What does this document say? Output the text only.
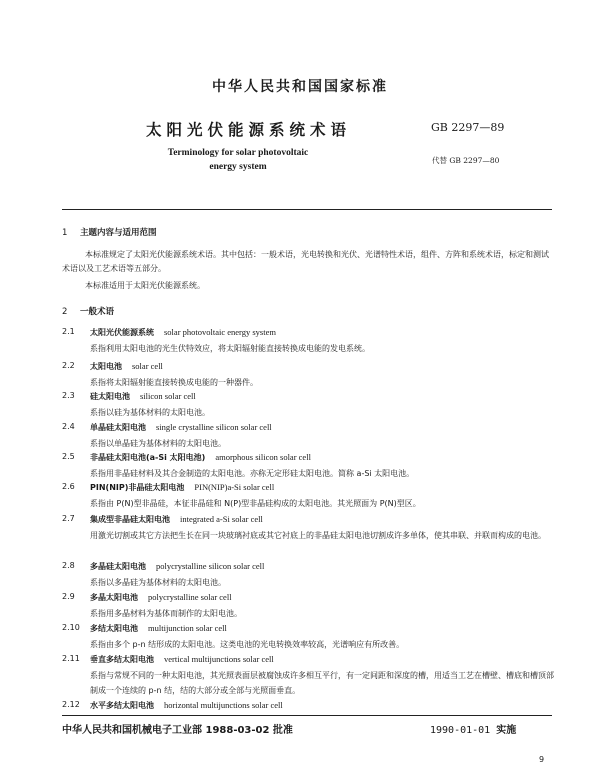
中华人民共和国国家标准
太阳光伏能源系统术语	GB 2297—89
Terminology for solar photovoltaic
energy system
代替 GB 2297—80
1 主题内容与适用范围
本标准规定了太阳光伏能源系统术语。其中包括：一般术语，光电转换和光伏、光谱特性术语，组件、方阵和系统术语，标定和测试术语以及工艺术语等五部分。
本标准适用于太阳光伏能源系统。
2 一般术语
2.1 太阳光伏能源系统 solar photovoltaic energy system
系指利用太阳电池的光生伏特效应，将太阳辐射能直接转换成电能的发电系统。
2.2 太阳电池 solar cell
系指将太阳辐射能直接转换成电能的一种器件。
2.3 硅太阳电池 silicon solar cell
系指以硅为基体材料的太阳电池。
2.4 单晶硅太阳电池 single crystalline silicon solar cell
系指以单晶硅为基体材料的太阳电池。
2.5 非晶硅太阳电池(a-Si 太阳电池) amorphous silicon solar cell
系指用非晶硅材料及其合金制造的太阳电池。亦称无定形硅太阳电池。简称 a-Si 太阳电池。
2.6 PIN(NIP)非晶硅太阳电池 PIN(NIP)a-Si solar cell
系指由 P(N)型非晶硅，本征非晶硅和 N(P)型非晶硅构成的太阳电池。其光照面为 P(N)型区。
2.7 集成型非晶硅太阳电池 integrated a-Si solar cell
用激光切割或其它方法把生长在同一块玻璃衬底或其它衬底上的非晶硅太阳电池切割成许多单体，使其串联、并联而构成的电池。
2.8 多晶硅太阳电池 polycrystalline silicon solar cell
系指以多晶硅为基体材料的太阳电池。
2.9 多晶太阳电池 polycrystalline solar cell
系指用多晶材料为基体而制作的太阳电池。
2.10 多结太阳电池 multijunction solar cell
系指由多个 p-n 结形成的太阳电池。这类电池的光电转换效率较高，光谱响应有所改善。
2.11 垂直多结太阳电池 vertical multijunctions solar cell
系指与常规不同的一种太阳电池，其光照表面层被腐蚀成许多相互平行，有一定间距和深度的槽，用适当工艺在槽壁、槽底和槽顶部制成一个连续的 p-n 结，结的大部分或全部与光照面垂直。
2.12 水平多结太阳电池 horizontal multijunctions solar cell
中华人民共和国机械电子工业部 1988-03-02 批准	1990-01-01 实施
9
